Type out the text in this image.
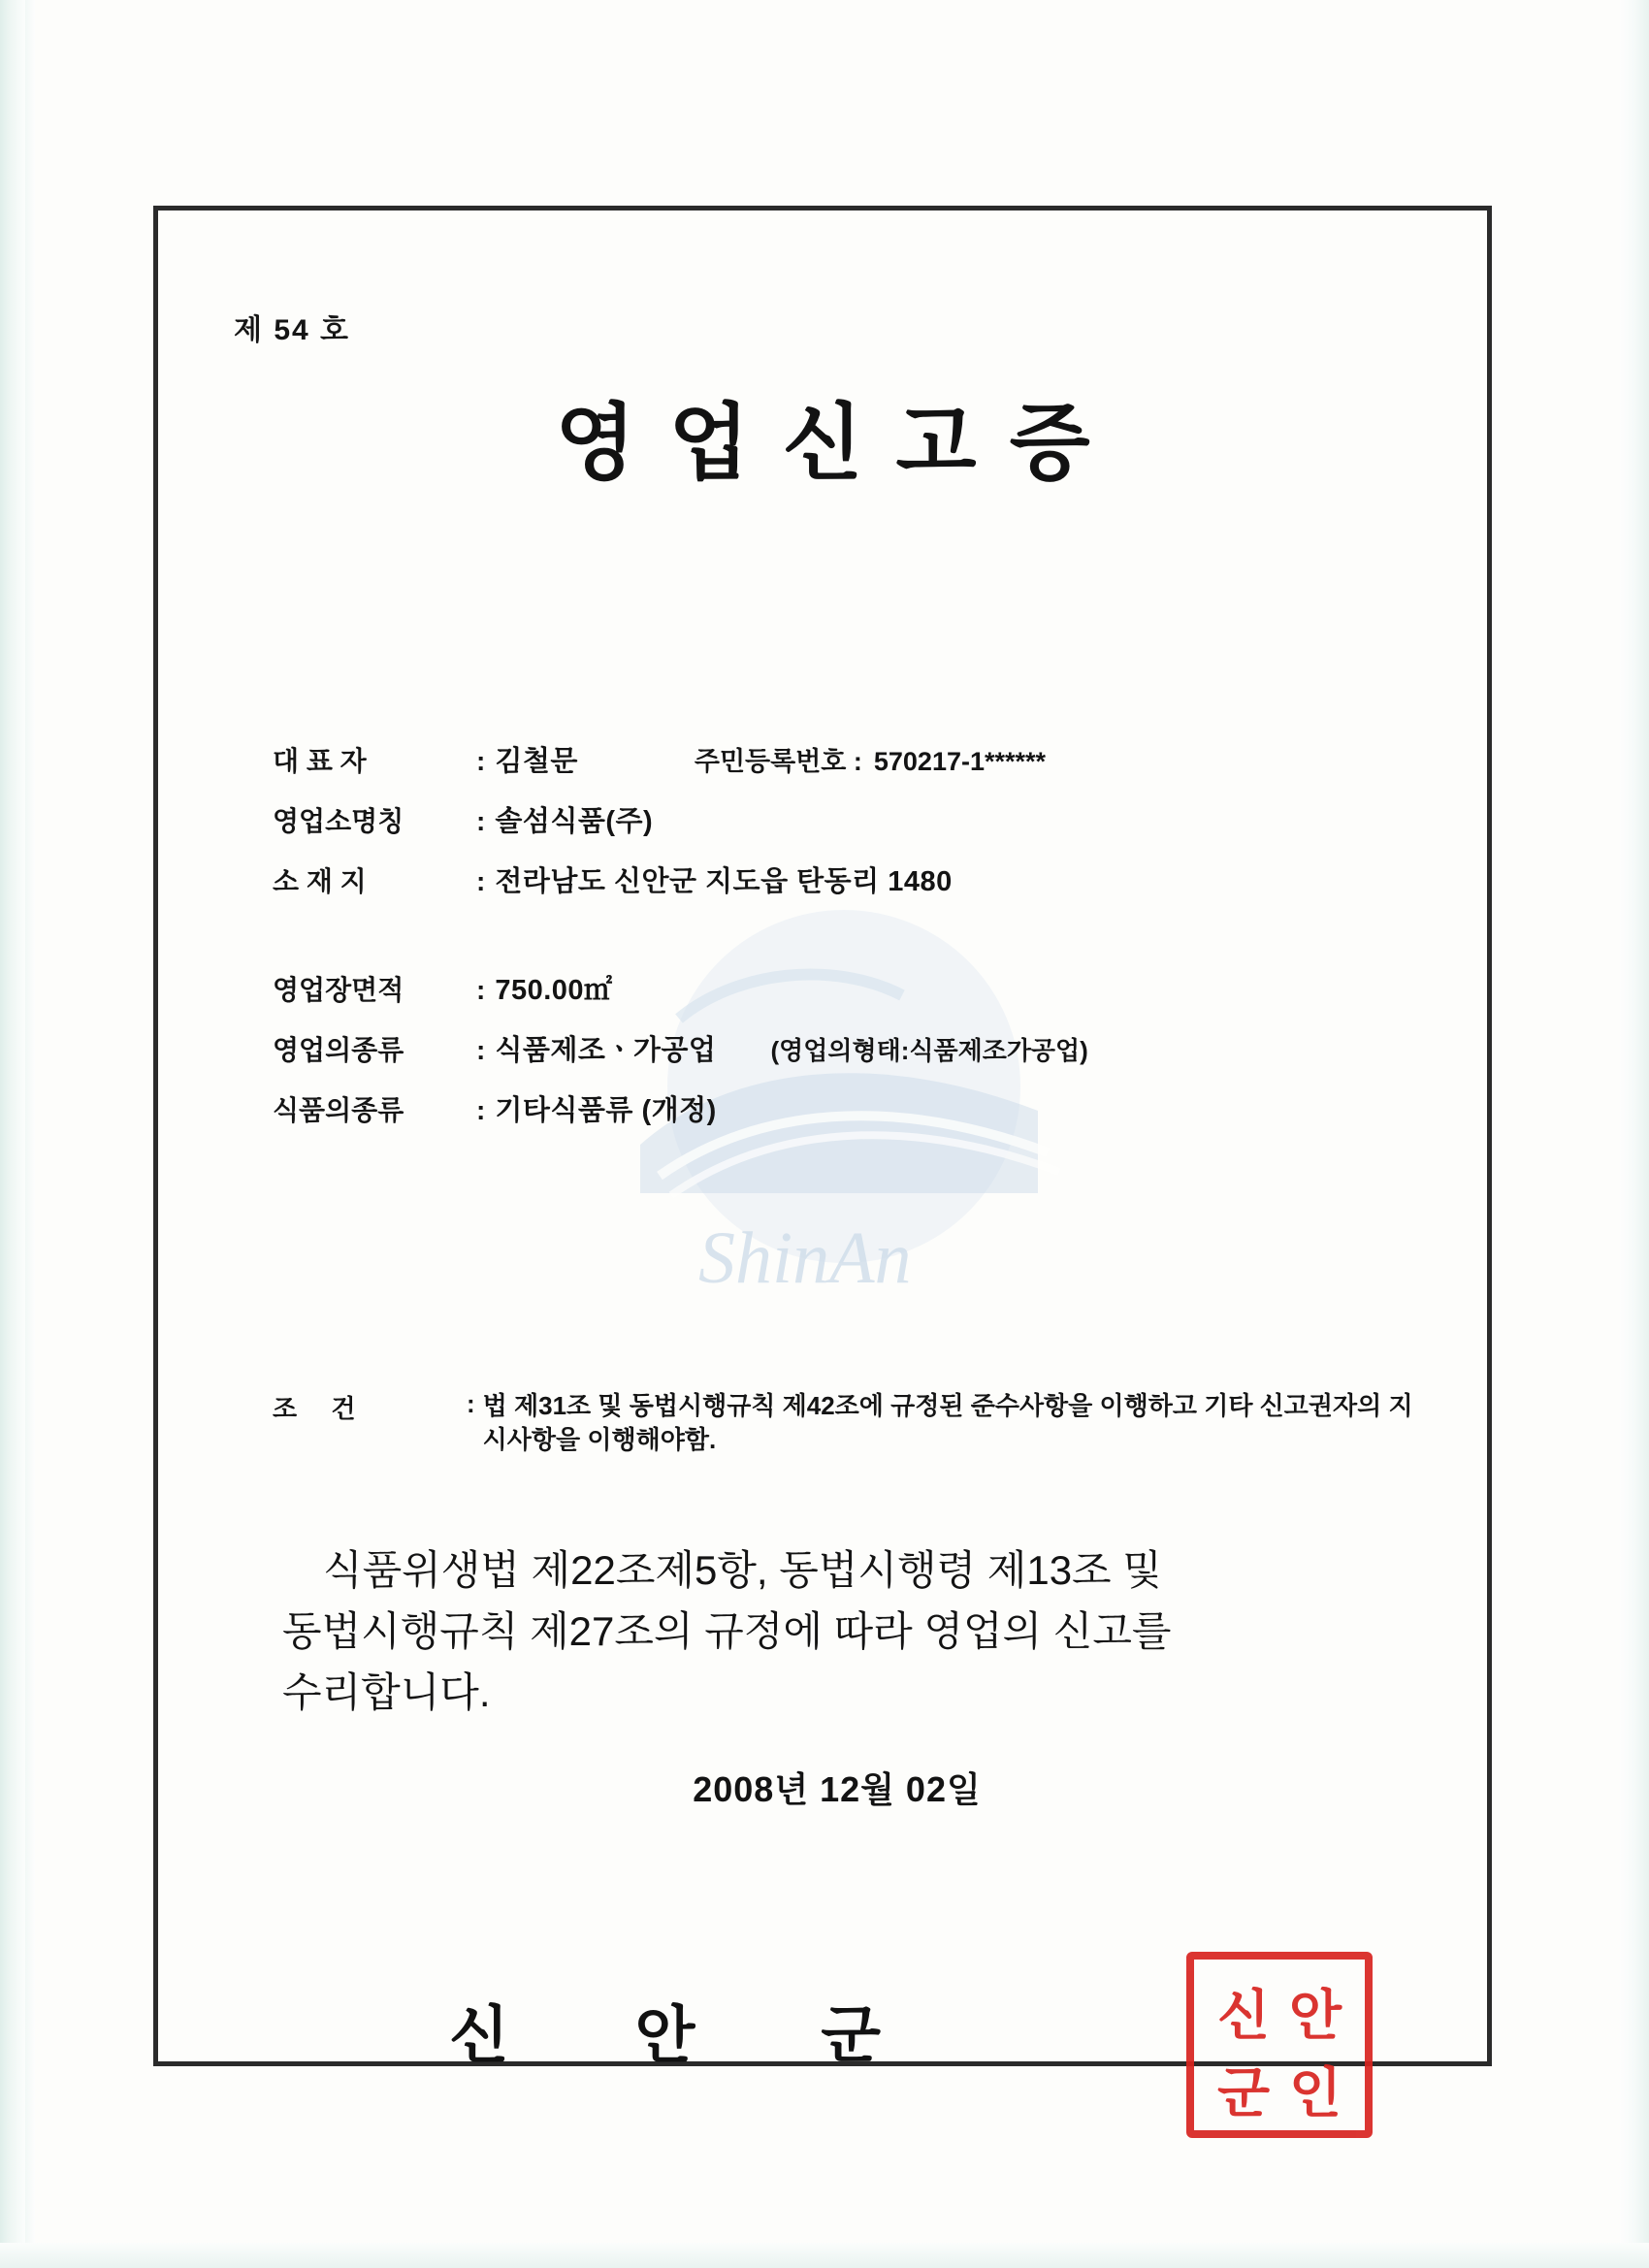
ShinAn
제 54 호
영업신고증
대 표 자	: 김철문	주민등록번호 : 570217-1******
영업소명칭	: 솔섬식품(주)
소 재 지	: 전라남도 신안군 지도읍 탄동리 1480
영업장면적	: 750.00㎡
영업의종류	: 식품제조ㆍ가공업 (영업의형태:식품제조가공업)
식품의종류	: 기타식품류 (개정)
조 건	: 법 제31조 및 동법시행규칙 제42조에 규정된 준수사항을 이행하고 기타 신고권자의 지시사항을 이행해야함.
식품위생법 제22조제5항, 동법시행령 제13조 및
동법시행규칙 제27조의 규정에 따라 영업의 신고를
수리합니다.
2008년 12월 02일
신 안 군	신 안
군 인
